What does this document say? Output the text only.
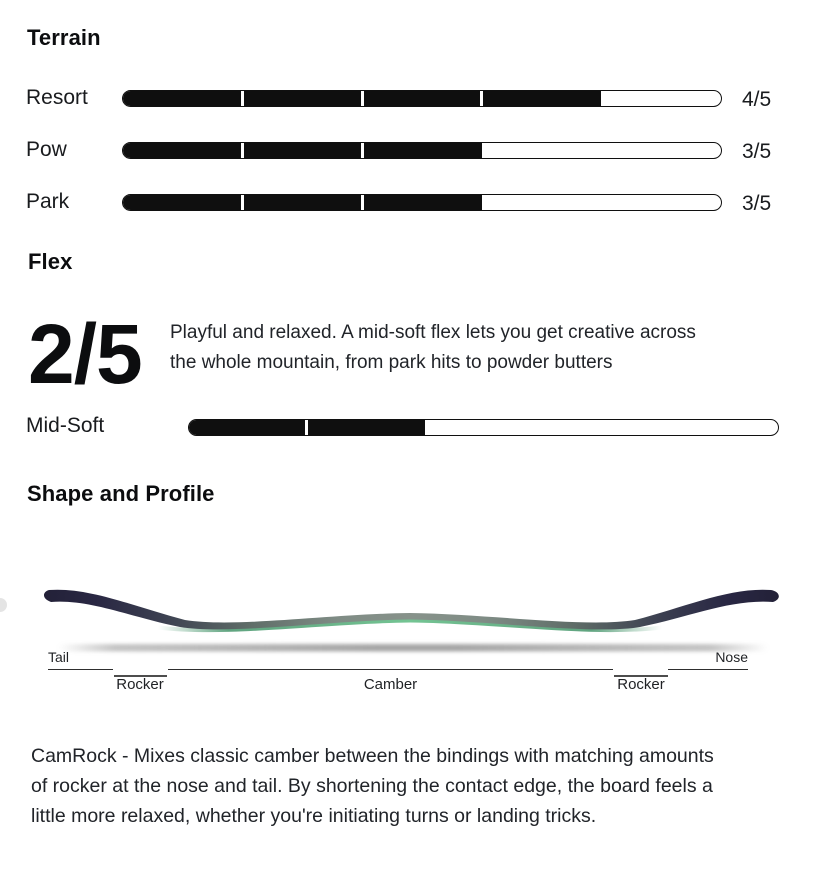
Terrain
Resort	4/5
Pow	3/5
Park	3/5
Flex
2/5 Playful and relaxed. A mid-soft flex lets you get creative across
the whole mountain, from park hits to powder butters
Mid-Soft
Shape and Profile
Tail
Rocker	Camber	Rocker
Nose
CamRock - Mixes classic camber between the bindings with matching amounts
of rocker at the nose and tail. By shortening the contact edge, the board feels a
little more relaxed, whether you're initiating turns or landing tricks.
